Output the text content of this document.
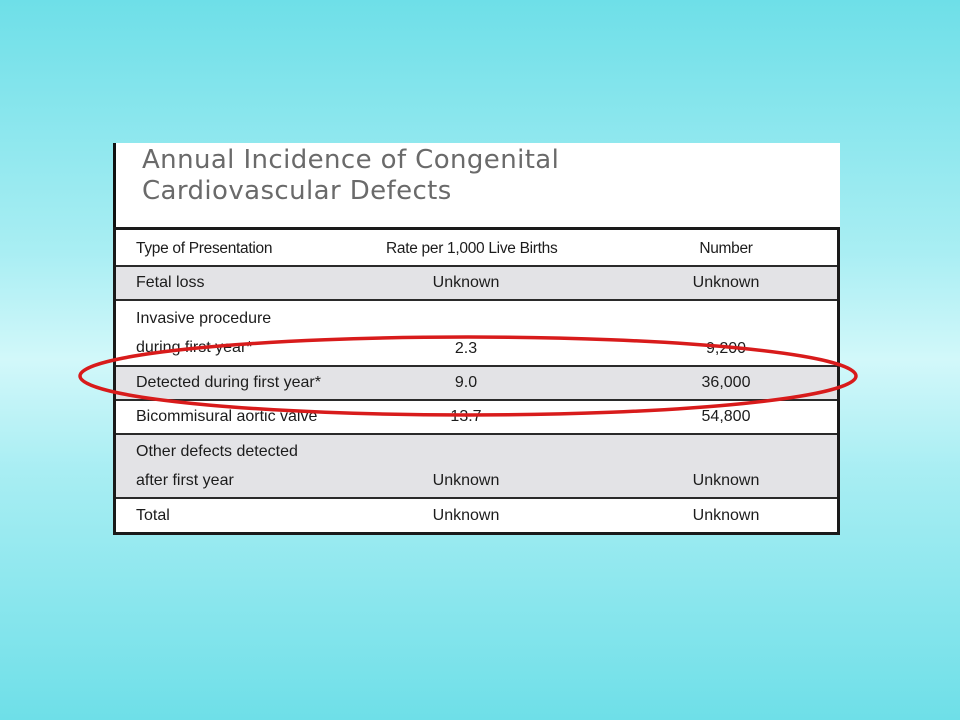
Annual Incidence of Congenital
Cardiovascular Defects
Type of Presentation	Rate per 1,000 Live Births	Number
Fetal loss	Unknown	Unknown
Invasive procedure
during first year*	2.3	9,200
Detected during first year*	9.0	36,000
Bicommisural aortic valve	13.7	54,800
Other defects detected
after first year	Unknown	Unknown
Total	Unknown	Unknown
